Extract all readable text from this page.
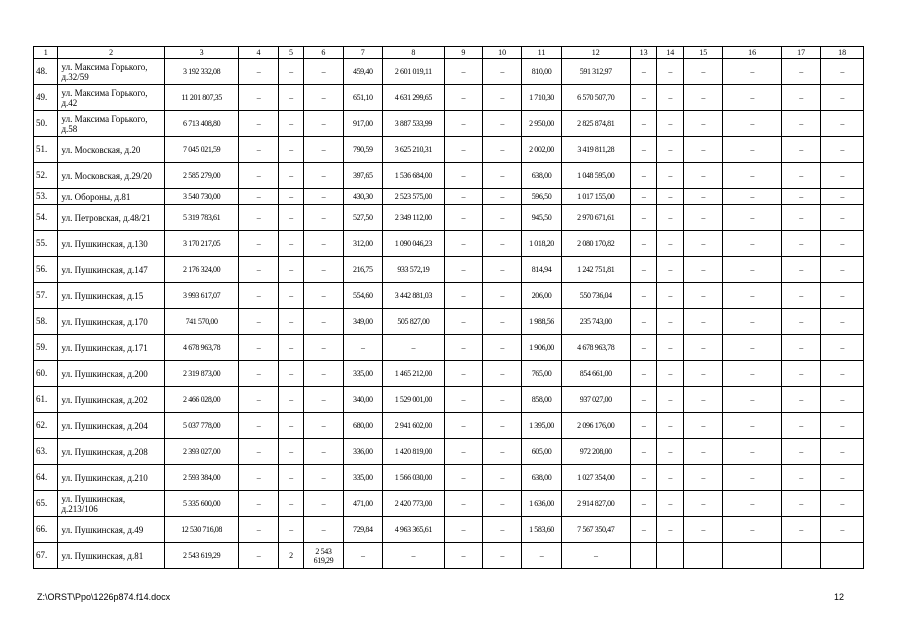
1	2	3	4	5	6	7	8	9	10	11	12	13	14	15	16	17	18
48.	ул. Максима Горького, д.32/59	3 192 332,08	–	–	–	459,40	2 601 019,11	–	–	810,00	591 312,97	–	–	–	–	–	–
49.	ул. Максима Горького, д.42	11 201 807,35	–	–	–	651,10	4 631 299,65	–	–	1 710,30	6 570 507,70	–	–	–	–	–	–
50.	ул. Максима Горького, д.58	6 713 408,80	–	–	–	917,00	3 887 533,99	–	–	2 950,00	2 825 874,81	–	–	–	–	–	–
51.	ул. Московская, д.20	7 045 021,59	–	–	–	790,59	3 625 210,31	–	–	2 002,00	3 419 811,28	–	–	–	–	–	–
52.	ул. Московская, д.29/20	2 585 279,00	–	–	–	397,65	1 536 684,00	–	–	638,00	1 048 595,00	–	–	–	–	–	–
53.	ул. Обороны, д.81	3 540 730,00	–	–	–	430,30	2 523 575,00	–	–	596,50	1 017 155,00	–	–	–	–	–	–
54.	ул. Петровская, д.48/21	5 319 783,61	–	–	–	527,50	2 349 112,00	–	–	945,50	2 970 671,61	–	–	–	–	–	–
55.	ул. Пушкинская, д.130	3 170 217,05	–	–	–	312,00	1 090 046,23	–	–	1 018,20	2 080 170,82	–	–	–	–	–	–
56.	ул. Пушкинская, д.147	2 176 324,00	–	–	–	216,75	933 572,19	–	–	814,94	1 242 751,81	–	–	–	–	–	–
57.	ул. Пушкинская, д.15	3 993 617,07	–	–	–	554,60	3 442 881,03	–	–	206,00	550 736,04	–	–	–	–	–	–
58.	ул. Пушкинская, д.170	741 570,00	–	–	–	349,00	505 827,00	–	–	1 988,56	235 743,00	–	–	–	–	–	–
59.	ул. Пушкинская, д.171	4 678 963,78	–	–	–	–	–	–	–	1 906,00	4 678 963,78	–	–	–	–	–	–
60.	ул. Пушкинская, д.200	2 319 873,00	–	–	–	335,00	1 465 212,00	–	–	765,00	854 661,00	–	–	–	–	–	–
61.	ул. Пушкинская, д.202	2 466 028,00	–	–	–	340,00	1 529 001,00	–	–	858,00	937 027,00	–	–	–	–	–	–
62.	ул. Пушкинская, д.204	5 037 778,00	–	–	–	680,00	2 941 602,00	–	–	1 395,00	2 096 176,00	–	–	–	–	–	–
63.	ул. Пушкинская, д.208	2 393 027,00	–	–	–	336,00	1 420 819,00	–	–	605,00	972 208,00	–	–	–	–	–	–
64.	ул. Пушкинская, д.210	2 593 384,00	–	–	–	335,00	1 566 030,00	–	–	638,00	1 027 354,00	–	–	–	–	–	–
65.	ул. Пушкинская, д.213/106	5 335 600,00	–	–	–	471,00	2 420 773,00	–	–	1 636,00	2 914 827,00	–	–	–	–	–	–
66.	ул. Пушкинская, д.49	12 530 716,08	–	–	–	729,84	4 963 365,61	–	–	1 583,60	7 567 350,47	–	–	–	–	–	–
67.	ул. Пушкинская, д.81	2 543 619,29	–	2	2 543 619,29	–	–	–	–	–	–						
Z:\ORST\Ppo\1226p874.f14.docx	12
